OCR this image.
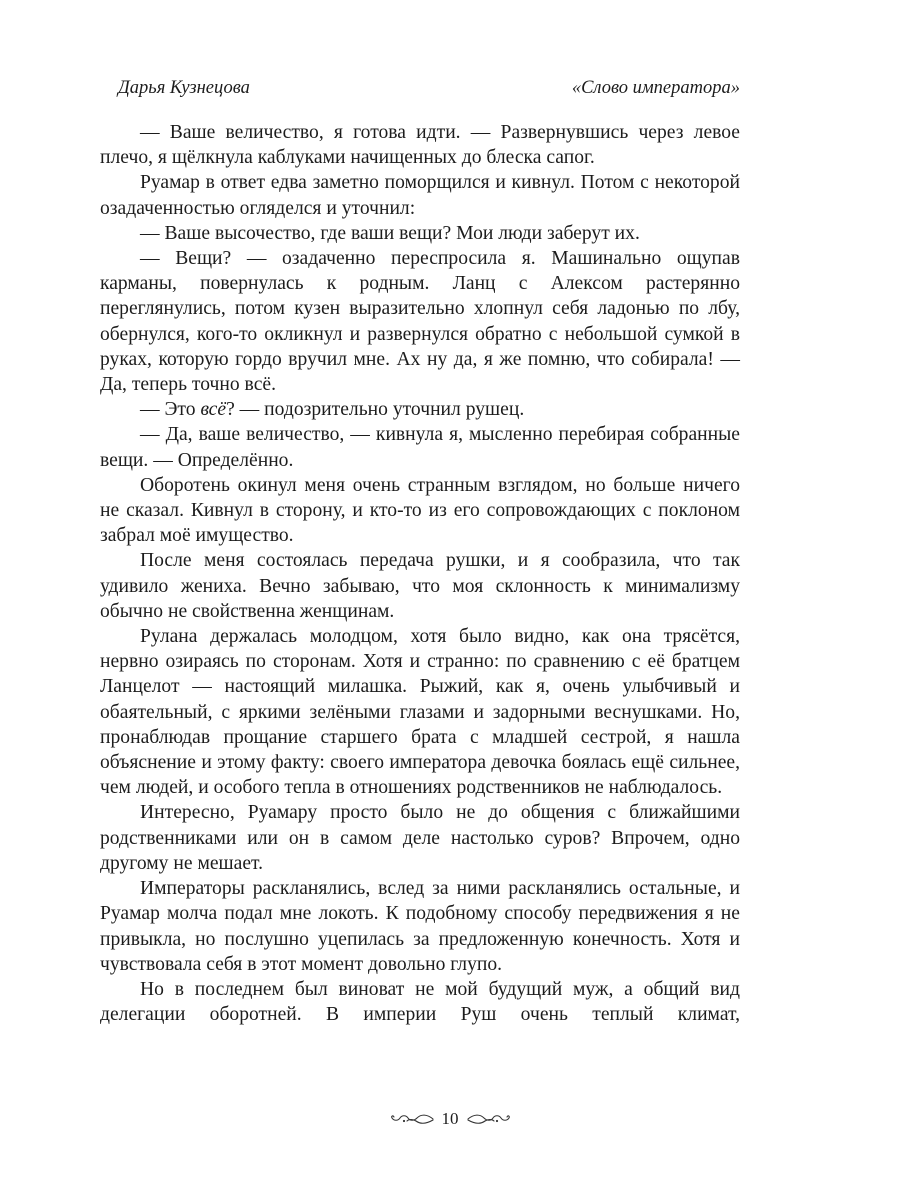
Дарья Кузнецова	«Слово императора»

— Ваше величество, я готова идти. — Развернувшись через левое плечо, я щёлкнула каблуками начищенных до блеска сапог.

Руамар в ответ едва заметно поморщился и кивнул. Потом с некоторой озадаченностью огляделся и уточнил:

— Ваше высочество, где ваши вещи? Мои люди заберут их.

— Вещи? — озадаченно переспросила я. Машинально ощупав карманы, повернулась к родным. Ланц с Алексом растерянно переглянулись, потом кузен выразительно хлопнул себя ладонью по лбу, обернулся, кого-то окликнул и развернулся обратно с небольшой сумкой в руках, которую гордо вручил мне. Ах ну да, я же помню, что собирала! — Да, теперь точно всё.

— Это всё? — подозрительно уточнил рушец.

— Да, ваше величество, — кивнула я, мысленно перебирая собранные вещи. — Определённо.

Оборотень окинул меня очень странным взглядом, но больше ничего не сказал. Кивнул в сторону, и кто-то из его сопровождающих с поклоном забрал моё имущество.

После меня состоялась передача рушки, и я сообразила, что так удивило жениха. Вечно забываю, что моя склонность к минимализму обычно не свойственна женщинам.

Рулана держалась молодцом, хотя было видно, как она трясётся, нервно озираясь по сторонам. Хотя и странно: по сравнению с её братцем Ланцелот — настоящий милашка. Рыжий, как я, очень улыбчивый и обаятельный, с яркими зелёными глазами и задорными веснушками. Но, пронаблюдав прощание старшего брата с младшей сестрой, я нашла объяснение и этому факту: своего императора девочка боялась ещё сильнее, чем людей, и особого тепла в отношениях родственников не наблюдалось.

Интересно, Руамару просто было не до общения с ближайшими родственниками или он в самом деле настолько суров? Впрочем, одно другому не мешает.

Императоры раскланялись, вслед за ними раскланялись остальные, и Руамар молча подал мне локоть. К подобному способу передвижения я не привыкла, но послушно уцепилась за предложенную конечность. Хотя и чувствовала себя в этот момент довольно глупо.

Но в последнем был виноват не мой будущий муж, а общий вид делегации оборотней. В империи Руш очень теплый климат,

10
